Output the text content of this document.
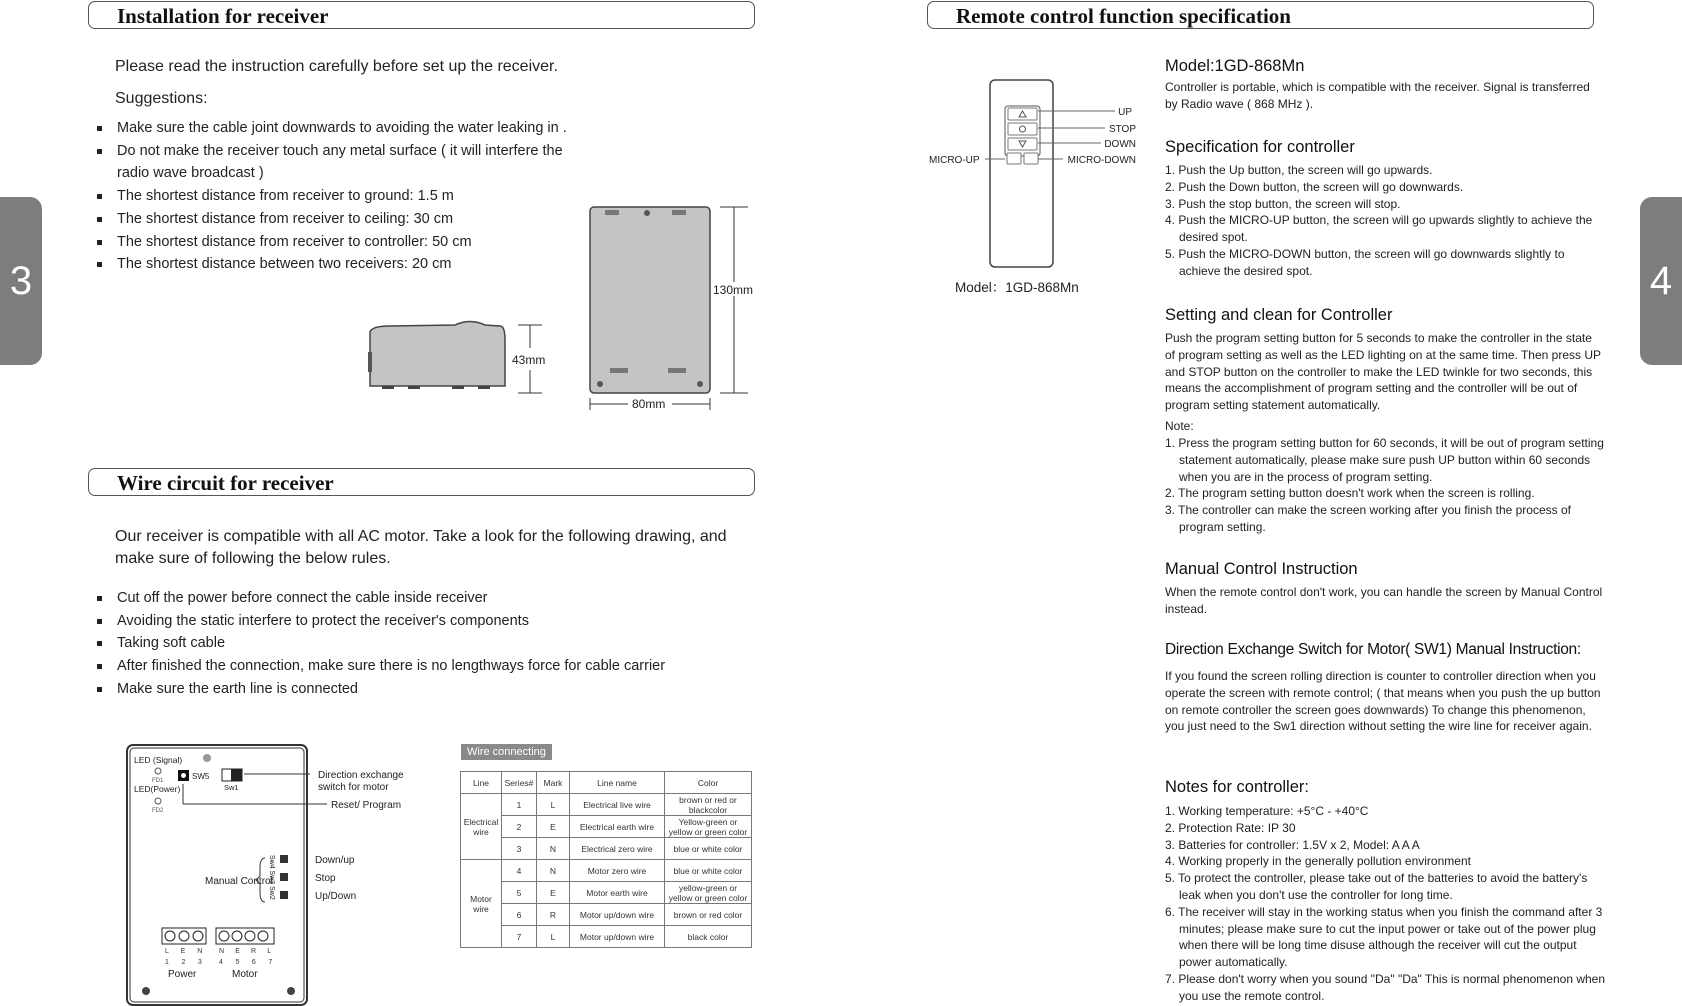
3	4
Installation for receiver
Please read the instruction carefully before set up the receiver.
Suggestions:
Make sure the cable joint downwards to avoiding the water leaking in .
Do not make the receiver touch any metal surface ( it will interfere the radio wave broadcast )
The shortest distance from receiver to ground: 1.5 m
The shortest distance from receiver to ceiling: 30 cm
The shortest distance from receiver to controller: 50 cm
The shortest distance between two receivers: 20 cm
43mm
130mm
80mm
Wire circuit for receiver
Our receiver is compatible with all AC motor. Take a look for the following drawing, and make sure of following the below rules.
Cut off the power before connect the cable inside receiver
Avoiding the static interfere to protect the receiver's components
Taking soft cable
After finished the connection, make sure there is no lengthways force for cable carrier
Make sure the earth line is connected
LED (Signal)
FD1
LED(Power)
FD2
SW5
Sw1
Direction exchange
switch for motor
Reset/ Program
Sw4 Sw3 Sw2	Down/up
Stop
Up/Down
Manual Control
L E N N E R L
1 2 3 4 5 6 7
Power	Motor
Wire connecting
Line	Series#	Mark	Line name	Color
Electrical wire	1	L	Electrical live wire	brown or red or blackcolor
	2	E	Electrical earth wire	Yellow-green or yellow or green color
	3	N	Electrical zero wire	blue or white color
Motor wire	4	N	Motor zero wire	blue or white color
	5	E	Motor earth wire	yellow-green or yellow or green color
	6	R	Motor up/down wire	brown or red color
	7	L	Motor up/down wire	black color
Remote control function specification
UP
STOP
DOWN
MICRO-DOWN
MICRO-UP
Model：1GD-868Mn
Model:1GD-868Mn
Controller is portable, which is compatible with the receiver. Signal is transferred by Radio wave ( 868 MHz ).
Specification for controller
1. Push the Up button, the screen will go upwards.
2. Push the Down button, the screen will go downwards.
3. Push the stop button, the screen will stop.
4. Push the MICRO-UP button, the screen will go upwards slightly to achieve the desired spot.
5. Push the MICRO-DOWN button, the screen will go downwards slightly to achieve the desired spot.
Setting and clean for Controller
Push the program setting button for 5 seconds to make the controller in the state of program setting as well as the LED lighting on at the same time. Then press UP and STOP button on the controller to make the LED twinkle for two seconds, this means the accomplishment of program setting and the controller will be out of program setting statement automatically.
Note:
1. Press the program setting button for 60 seconds, it will be out of program setting statement automatically, please make sure push UP button within 60 seconds when you are in the process of program setting.
2. The program setting button doesn't work when the screen is rolling.
3. The controller can make the screen working after you finish the process of program setting.
Manual Control Instruction
When the remote control don't work, you can handle the screen by Manual Control instead.
Direction Exchange Switch for Motor( SW1) Manual Instruction:
If you found the screen rolling direction is counter to controller direction when you operate the screen with remote control; ( that means when you push the up button on remote controller the screen goes downwards) To change this phenomenon, you just need to the Sw1 direction without setting the wire line for receiver again.
Notes for controller:
1. Working temperature: +5°C - +40°C
2. Protection Rate: IP 30
3. Batteries for controller: 1.5V x 2, Model: A A A
4. Working properly in the generally pollution environment
5. To protect the controller, please take out of the batteries to avoid the battery's leak when you don't use the controller for long time.
6. The receiver will stay in the working status when you finish the command after 3 minutes; please make sure to cut the input power or take out of the power plug when there will be long time disuse although the receiver will cut the output power automatically.
7. Please don't worry when you sound "Da" "Da" This is normal phenomenon when you use the remote control.
